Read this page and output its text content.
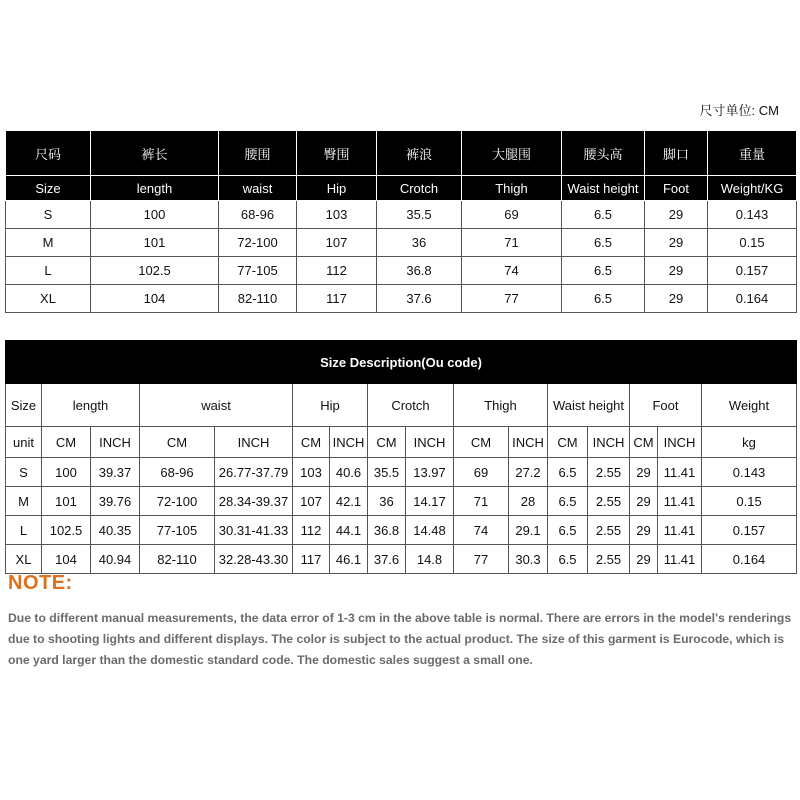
尺寸单位: CM
尺码	裤长	腰围	臀围	裤浪	大腿围	腰头高	脚口	重量
Size	length	waist	Hip	Crotch	Thigh	Waist height	Foot	Weight/KG
S	100	68-96	103	35.5	69	6.5	29	0.143
M	101	72-100	107	36	71	6.5	29	0.15
L	102.5	77-105	112	36.8	74	6.5	29	0.157
XL	104	82-110	117	37.6	77	6.5	29	0.164
Size Description(Ou code)															
Size	length		waist		Hip		Crotch		Thigh		Waist height		Foot		Weight
unit	CM	INCH	CM	INCH	CM	INCH	CM	INCH	CM	INCH	CM	INCH	CM	INCH	kg
S	100	39.37	68-96	26.77-37.79	103	40.6	35.5	13.97	69	27.2	6.5	2.55	29	11.41	0.143
M	101	39.76	72-100	28.34-39.37	107	42.1	36	14.17	71	28	6.5	2.55	29	11.41	0.15
L	102.5	40.35	77-105	30.31-41.33	112	44.1	36.8	14.48	74	29.1	6.5	2.55	29	11.41	0.157
XL	104	40.94	82-110	32.28-43.30	117	46.1	37.6	14.8	77	30.3	6.5	2.55	29	11.41	0.164
NOTE:
Due to different manual measurements, the data error of 1-3 cm in the above table is normal. There are errors in the model's renderings due to shooting lights and different displays. The color is subject to the actual product. The size of this garment is Eurocode, which is one yard larger than the domestic standard code. The domestic sales suggest a small one.
